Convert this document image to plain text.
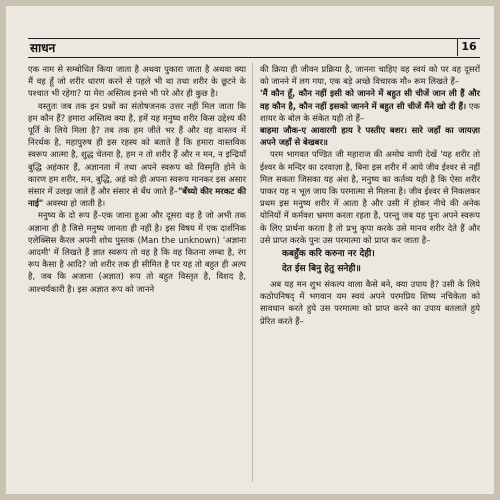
साधन	16

एक नाम से सम्बोधित किया जाता है अथवा पुकारा जाता है अथवा क्या मैं वह हूँ जो शरीर धारण करने से पहले भी था तथा शरीर के छूटने के पश्चात भी रहेगा? या मेरा अस्तित्व इनसे भी परे और ही कुछ है।

वस्तुतः जब तक इन प्रश्नों का संतोषजनक उत्तर नहीं मिल जाता कि हम कौन हैं? हमारा अस्तित्व क्या है, हमें यह मनुष्य शरीर किस उद्देश्य की पूर्ति के लिये मिला है? तब तक हम जीते भर हैं और वह वास्तव में निरर्थक है, महापुरुष ही इस रहस्य को बताते हैं कि हमारा वास्तविक स्वरूप आत्मा है, शुद्ध चेतना है, हम न तो शरीर हैं और न मन, न इन्द्रियाँ बुद्धि अहंकार हैं, अज्ञानता में तथा अपने स्वरूप को विस्मृति होने के कारण हम शरीर, मन, बुद्धि, अहं को ही अपना स्वरूप मानकर इस असार संसार में उलझ जाते हैं और संसार से बँध जाते हैं–"बँध्यो कीर मरकट की नाई" अवस्था हो जाती है।

मनुष्य के दो रूप हैं–एक जाना हुआ और दूसरा वह है जो अभी तक अज्ञाना ही है जिसे मनुष्य जानता ही नहीं है। इस विषय में एक दार्शनिक एलेक्सिस कैरल अपनी शोध पुस्तक (Man the unknown) 'अज्ञाना आदमी' में लिखते हैं ज्ञात स्वरूप तो वह है कि वह कितना लम्बा है, रंग रूप कैसा है आदि? जो शरीर तक ही सीमित है पर यह तो बहुत ही अल्प है, जब कि अजाना (अज्ञात) रूप तो बहुत विस्तृत है, विशद है, आश्चर्यकारी है। इस अज्ञात रूप को जानने

की क्रिया ही जीवन प्रक्रिया है, जानना चाहिए वह स्वयं को पर वह दूसरों को जानने में लग गया, एक बड़े अच्छे विचारक मौ० रूम लिखते हैं–

'मैं कौन हूँ, कौन नहीं इसी को जानने में बहुत सी चीजें जान ली हैं और वह कौन है, कौन नहीं इसको जानने में बहुत सी चीजें मैंने खो दी हैं। एक शायर के बोल के संकेत यही तो हैं–

बाहमा जौक-ए आवारगी हाय रे पस्तीए बशर। सारे जहाँ का जायज़ा अपने जहाँ से बेखबर॥

परम भागवत पण्डित जी महाराज की अमोघ वाणी देखें 'यह शरीर तो ईश्वर के मन्दिर का दरवाज़ा है, बिना इस शरीर में आये जीव ईश्वर से नहीं मिल सकता जिसका यह अंश है, मनुष्य का कर्तव्य यही है कि ऐसा शरीर पाकर यह न भूल जाय कि परमात्मा से मिलना है। जीव ईश्वर से निकलकर प्रथम इस मनुष्य शरीर में आता है और उसी में होकर नीचे की अनेक योनियों में कर्मवश भ्रमण करता रहता है, परन्तु जब यह पुनः अपने स्वरूप के लिए प्रार्थना करता है तो प्रभु कृपा करके उसे मानव शरीर देते हैं और उसे प्राप्त करके पुनः उस परमात्मा को प्राप्त कर जाता है–

कबहुँक करि करुना नर देही।

देत ईस बिनु हेतु सनेही॥

अब यह मन शुभ संकल्प वाला कैसे बने, क्या उपाय है? उसी के लिये कठोपनिषद् में भगवान यम स्वयं अपने परमप्रिय शिष्य नचिकेता को सावधान करते हुये उस परमात्मा को प्राप्त करने का उपाय बतलाते हुये प्रेरित करते हैं–
